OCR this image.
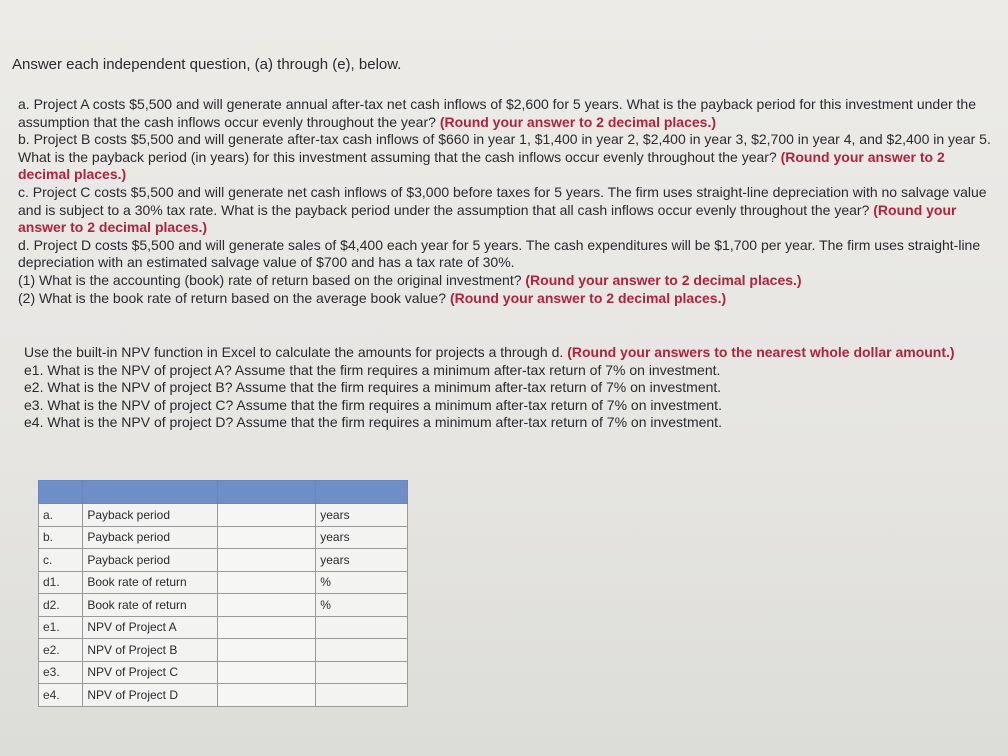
Answer each independent question, (a) through (e), below.

a. Project A costs $5,500 and will generate annual after-tax net cash inflows of $2,600 for 5 years. What is the payback period for this investment under the assumption that the cash inflows occur evenly throughout the year? (Round your answer to 2 decimal places.)

b. Project B costs $5,500 and will generate after-tax cash inflows of $660 in year 1, $1,400 in year 2, $2,400 in year 3, $2,700 in year 4, and $2,400 in year 5. What is the payback period (in years) for this investment assuming that the cash inflows occur evenly throughout the year? (Round your answer to 2 decimal places.)

c. Project C costs $5,500 and will generate net cash inflows of $3,000 before taxes for 5 years. The firm uses straight-line depreciation with no salvage value and is subject to a 30% tax rate. What is the payback period under the assumption that all cash inflows occur evenly throughout the year? (Round your answer to 2 decimal places.)

d. Project D costs $5,500 and will generate sales of $4,400 each year for 5 years. The cash expenditures will be $1,700 per year. The firm uses straight-line depreciation with an estimated salvage value of $700 and has a tax rate of 30%.

(1) What is the accounting (book) rate of return based on the original investment? (Round your answer to 2 decimal places.)

(2) What is the book rate of return based on the average book value? (Round your answer to 2 decimal places.)

Use the built-in NPV function in Excel to calculate the amounts for projects a through d. (Round your answers to the nearest whole dollar amount.)

e1. What is the NPV of project A? Assume that the firm requires a minimum after-tax return of 7% on investment.

e2. What is the NPV of project B? Assume that the firm requires a minimum after-tax return of 7% on investment.

e3. What is the NPV of project C? Assume that the firm requires a minimum after-tax return of 7% on investment.

e4. What is the NPV of project D? Assume that the firm requires a minimum after-tax return of 7% on investment.

a.	Payback period		years
b.	Payback period		years
c.	Payback period		years
d1.	Book rate of return		%
d2.	Book rate of return		%
e1.	NPV of Project A		
e2.	NPV of Project B		
e3.	NPV of Project C		
e4.	NPV of Project D		
